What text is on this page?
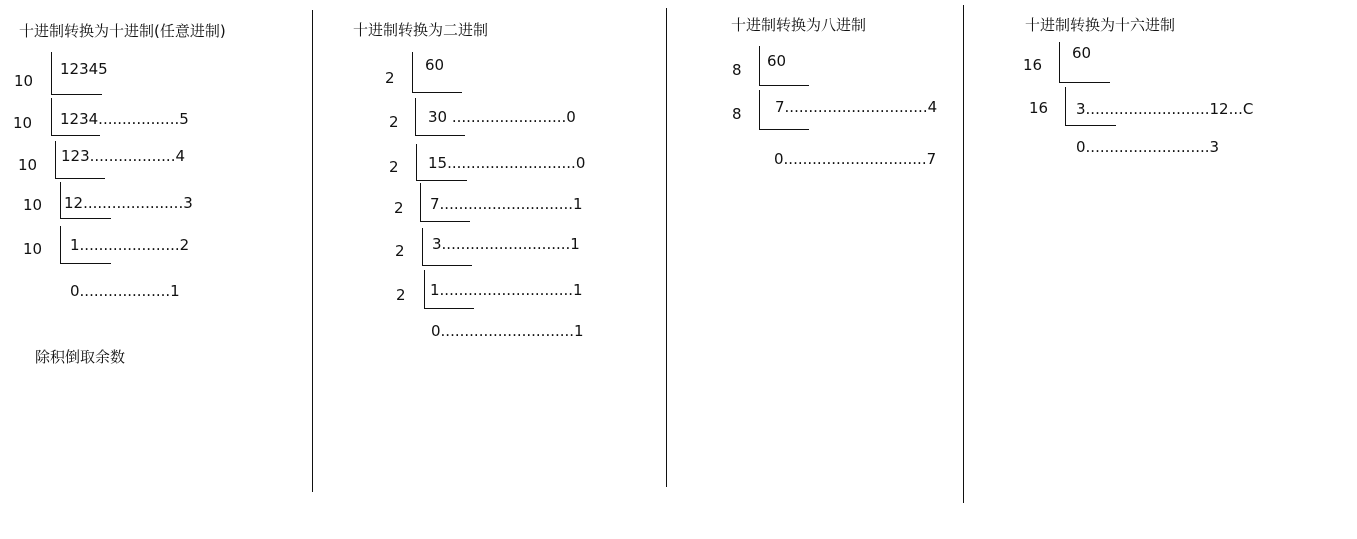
十进制转换为十进制(任意进制)
10
12345
10 1234.................5
10 123..................4
10 12.....................3
10 1.....................2
0...................1
除积倒取余数
十进制转换为二进制
2
60
2 30 ........................0
2 15...........................0
2 7............................1
2 3...........................1
2 1............................1
0............................1
十进制转换为八进制
8 60
8 7..............................4
0..............................7
十进制转换为十六进制
16
60
16 3..........................12...C
0..........................3
